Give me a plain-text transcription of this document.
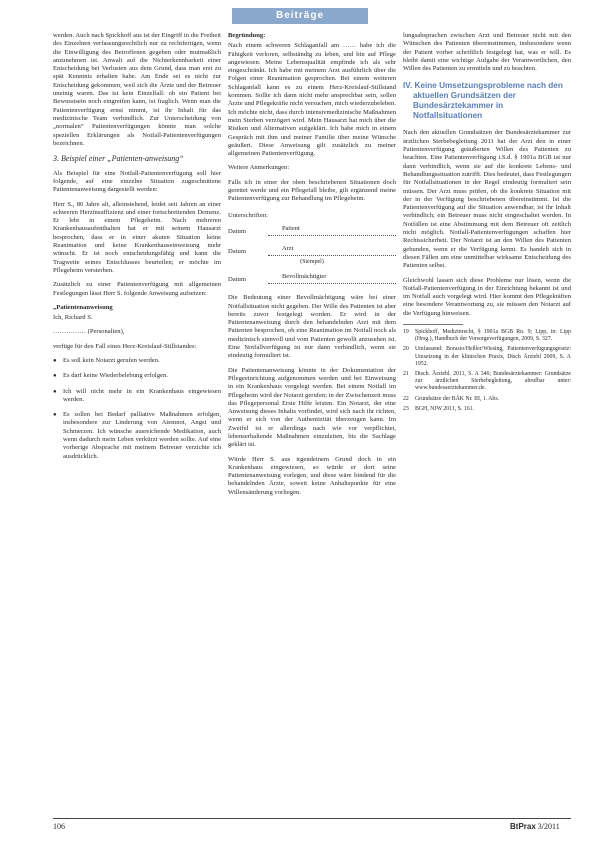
Beiträge

werden. Auch nach Spickhoff aus ist der Eingriff in die Freiheit des Einzelnen verfassungsrechtlich nur zu rechtfertigen, wenn die Einwilligung des Betroffenen gegeben oder mutmaßlich anzunehmen ist. Anwalt auf die Nichterkennbarkeit einer Entscheidung bei Verlusten aus dem Grund, dass man erst zu spät Kenntnis erhalten habe. Am Ende sei es nicht zur Entscheidung gekommen, weil sich die Ärzte und der Betreuer uneinig waren. Das ist kein Einzelfall: ob ein Patient bei Bewusstsein noch eingreifen kann, ist fraglich. Wenn man die Patientenverfügung ernst nimmt, ist ihr Inhalt für das medizinische Team verbindlich. Zur Unterscheidung von „normalen“ Patientenverfügungen könnte man solche speziellen Erklärungen als Notfall-Patientenverfügungen bezeichnen.

3. Beispiel einer „Patienten-anweisung“

Als Beispiel für eine Notfall-Patientenverfügung soll hier folgende, auf eine einzelne Situation zugeschnittene Patientenanweisung dargestellt werden:

Herr S., 80 Jahre alt, alleinstehend, leidet seit Jahren an einer schweren Herzinsuffizienz und einer fortschreitenden Demenz. Er lebt in einem Pflegeheim. Nach mehreren Krankenhausaufenthalten hat er mit seinem Hausarzt besprochen, dass er in einer akuten Situation keine Reanimation und keine Krankenhauseinweisung mehr wünscht. Er ist noch entscheidungsfähig und kann die Tragweite seines Entschlusses beurteilen; er möchte im Pflegeheim versterben.

Zusätzlich zu einer Patientenverfügung mit allgemeinen Festlegungen lässt Herr S. folgende Anweisung aufsetzen:

„Patientenanweisung

Ich, Richard S.

…………… (Personalien),

verfüge für den Fall eines Herz-Kreislauf-Stillstandes:

● Es soll kein Notarzt gerufen werden.
● Es darf keine Wiederbelebung erfolgen.
● Ich will nicht mehr in ein Krankenhaus eingewiesen werden.
● Es sollen bei Bedarf palliative Maßnahmen erfolgen, insbesondere zur Linderung von Atemnot, Angst und Schmerzen. Ich wünsche ausreichende Medikation, auch wenn dadurch mein Leben verkürzt werden sollte. Auf eine vorherige Absprache mit meinem Betreuer verzichte ich ausdrücklich.
Begründung:

Nach einem schweren Schlaganfall am …… habe ich die Fähigkeit verloren, selbständig zu leben, und bin auf Pflege angewiesen. Meine Lebensqualität empfinde ich als sehr eingeschränkt. Ich habe mit meinem Arzt ausführlich über die Folgen einer Reanimation gesprochen. Bei einem weiteren Schlaganfall kann es zu einem Herz-Kreislauf-Stillstand kommen. Sollte ich dann nicht mehr ansprechbar sein, sollen Ärzte und Pflegekräfte nicht versuchen, mich wiederzubeleben. Ich möchte nicht, dass durch intensivmedizinische Maßnahmen mein Sterben verzögert wird. Mein Hausarzt hat mich über die Risiken und Alternativen aufgeklärt. Ich habe mich in einem Gespräch mit ihm und meiner Familie über meine Wünsche geäußert. Diese Anweisung gilt zusätzlich zu meiner allgemeinen Patientenverfügung.

Weitere Anmerkungen:

Falls ich in einer der oben beschriebenen Situationen doch gerettet werde und ein Pflegefall bleibe, gilt ergänzend meine Patientenverfügung zur Behandlung im Pflegeheim.

Unterschriften:

Datum	Patient
Datum	Arzt
(Stempel)
Datum	Bevollmächtigter

Die Bedeutung einer Bevollmächtigung wäre bei einer Notfallsituation nicht gegeben. Der Wille des Patienten ist aber bereits zuvor festgelegt worden. Er wird in der Patientenanweisung durch den behandelnden Arzt mit dem Patienten besprochen, ob eine Reanimation im Notfall noch als medizinisch sinnvoll und vom Patienten gewollt anzusehen ist. Eine Notfallverfügung ist nur dann verbindlich, wenn sie eindeutig formuliert ist.

Die Patientenanweisung könnte in der Dokumentation der Pflegeeinrichtung aufgenommen werden und bei Einweisung in ein Krankenhaus vorgelegt werden. Bei einem Notfall im Pflegeheim wird der Notarzt gerufen; in der Zwischenzeit muss das Pflegepersonal Erste Hilfe leisten. Ein Notarzt, der eine Anweisung dieses Inhalts vorfindet, wird sich nach ihr richten, wenn er sich von der Authentizität überzeugen kann. Im Zweifel ist er allerdings nach wie vor verpflichtet, lebenserhaltende Maßnahmen einzuleiten, bis die Sachlage geklärt ist.

Würde Herr S. aus irgendeinem Grund doch in ein Krankenhaus eingewiesen, so würde er dort seine Patientenanweisung vorlegen, und diese wäre bindend für die behandelnden Ärzte, soweit keine Anhaltspunkte für eine Willensänderung vorliegen.

lungsabsprachen zwischen Arzt und Betreuer nicht mit den Wünschen des Patienten übereinstimmen, insbesondere wenn der Patient vorher schriftlich festgelegt hat, was er will. Es bleibt damit eine wichtige Aufgabe der Verantwortlichen, den Willen des Patienten zu ermitteln und zu beachten.

IV. Keine Umsetzungsprobleme nach den aktuellen Grundsätzen der Bundesärztekammer in Notfallsituationen

Nach den aktuellen Grundsätzen der Bundesärztekammer zur ärztlichen Sterbebegleitung 2011 hat der Arzt den in einer Patientenverfügung geäußerten Willen des Patienten zu beachten. Eine Patientenverfügung i.S.d. § 1901a BGB ist nur dann verbindlich, wenn sie auf die konkrete Lebens- und Behandlungssituation zutrifft. Dies bedeutet, dass Festlegungen für Notfallsituationen in der Regel eindeutig formuliert sein müssen. Der Arzt muss prüfen, ob die konkrete Situation mit der in der Verfügung beschriebenen übereinstimmt. Ist die Patientenverfügung auf die Situation anwendbar, ist ihr Inhalt verbindlich; ein Betreuer muss nicht eingeschaltet werden. In Notfällen ist eine Abstimmung mit dem Betreuer oft zeitlich nicht möglich. Notfall-Patientenverfügungen schaffen hier Rechtssicherheit. Der Notarzt ist an den Willen des Patienten gebunden, wenn er die Verfügung kennt. Es handelt sich in diesen Fällen um eine unmittelbar wirksame Entscheidung des Patienten selbst.

Gleichwohl lassen sich diese Probleme nur lösen, wenn die Notfall-Patientenverfügung in der Einrichtung bekannt ist und im Notfall auch vorgelegt wird. Hier kommt den Pflegekräften eine besondere Verantwortung zu, sie müssen den Notarzt auf die Verfügung hinweisen.

19	Spickhoff, Medizinrecht, § 1901a BGB Rn. 9; Lipp, in: Lipp (Hrsg.), Handbuch der Vorsorgeverfügungen, 2009, S. 327.
20	Umfassend: Borasio/Heßler/Wiesing, Patientenverfügungsgesetz: Umsetzung in der klinischen Praxis, Dtsch Ärztebl 2009, S. A 1952.
21	Dtsch. Ärztebl. 2011, S. A 346; Bundesärztekammer: Grundsätze zur ärztlichen Sterbebegleitung, abrufbar unter: www.bundesaerztekammer.de.
22	Grundsätze der BÄK Nr. III, 1. Abs.
23	BGH, NJW 2011, S. 161.
106	BtPrax 3/2011
